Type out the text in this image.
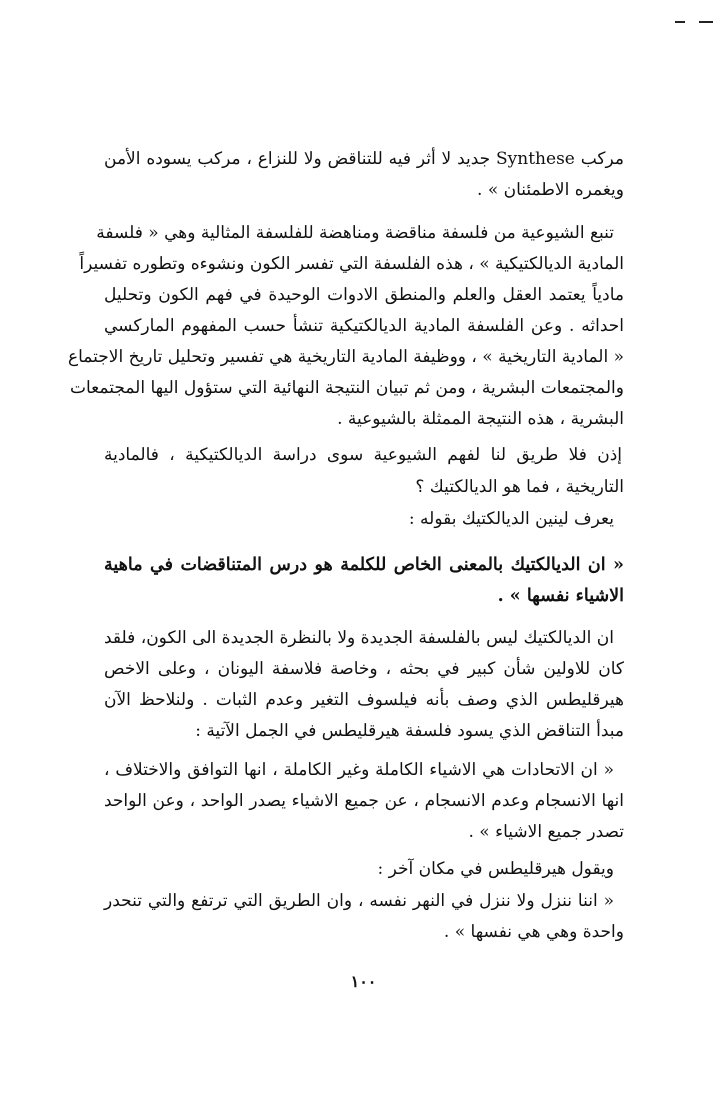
مركب Synthese جديد لا أثر فيه للتناقض ولا للنزاع ، مركب يسوده الأمن
ويغمره الاطمئنان » .
تنبع الشيوعية من فلسفة مناقضة ومناهضة للفلسفة المثالية وهي « فلسفة
المادية الديالكتيكية » ، هذه الفلسفة التي تفسر الكون ونشوءه وتطوره تفسيراً
مادياً يعتمد العقل والعلم والمنطق الادوات الوحيدة في فهم الكون وتحليل
احداثه . وعن الفلسفة المادية الديالكتيكية تنشأ حسب المفهوم الماركسي
« المادية التاريخية » ، ووظيفة المادية التاريخية هي تفسير وتحليل تاريخ الاجتماع
والمجتمعات البشرية ، ومن ثم تبيان النتيجة النهائية التي ستؤول اليها المجتمعات
البشرية ، هذه النتيجة الممثلة بالشيوعية .
إذن فلا طريق لنا لفهم الشيوعية سوى دراسة الديالكتيكية ، فالمادية
التاريخية ، فما هو الديالكتيك ؟
يعرف لينين الديالكتيك بقوله :
« ان الديالكتيك بالمعنى الخاص للكلمة هو درس المتناقضات في ماهية
الاشياء نفسها » .
ان الديالكتيك ليس بالفلسفة الجديدة ولا بالنظرة الجديدة الى الكون، فلقد
كان للاولين شأن كبير في بحثه ، وخاصة فلاسفة اليونان ، وعلى الاخص
هيرقليطس الذي وصف بأنه فيلسوف التغير وعدم الثبات . ولنلاحظ الآن
مبدأ التناقض الذي يسود فلسفة هيرقليطس في الجمل الآتية :
« ان الاتحادات هي الاشياء الكاملة وغير الكاملة ، انها التوافق والاختلاف ،
انها الانسجام وعدم الانسجام ، عن جميع الاشياء يصدر الواحد ، وعن الواحد
تصدر جميع الاشياء » .
ويقول هيرقليطس في مكان آخر :
« اننا ننزل ولا ننزل في النهر نفسه ، وان الطريق التي ترتفع والتي تنحدر
واحدة وهي هي نفسها » .
١٠٠
